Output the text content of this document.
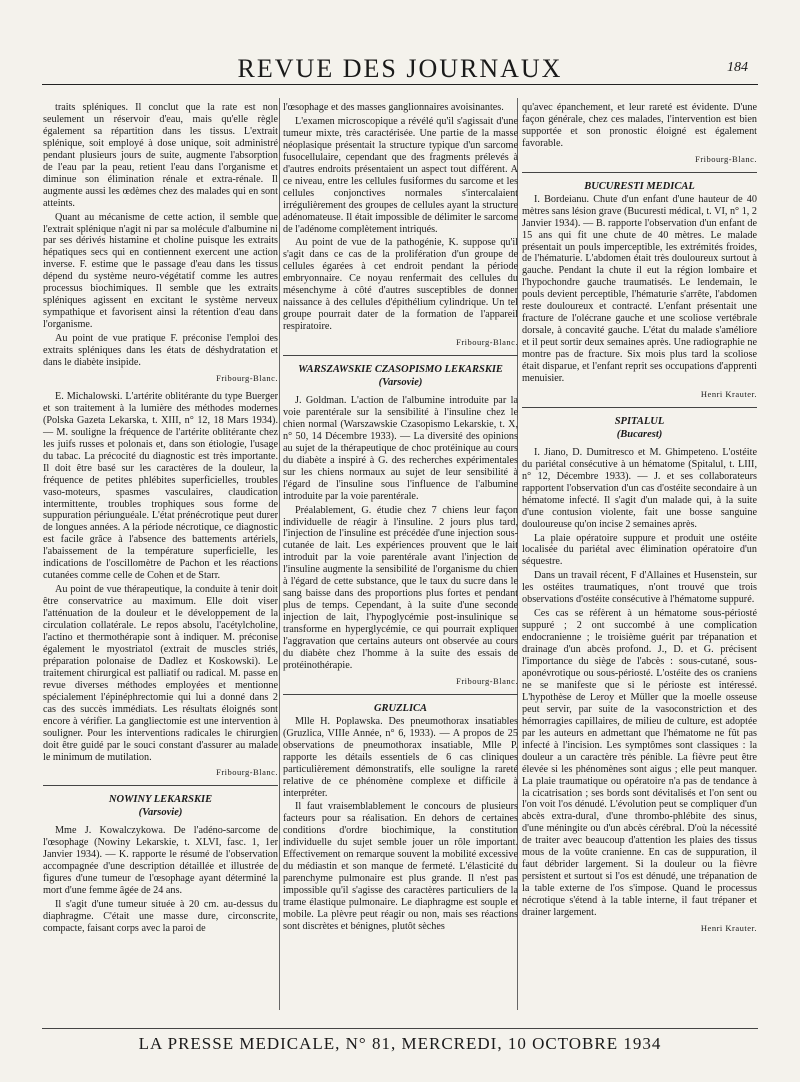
REVUE DES JOURNAUX	184

traits spléniques. Il conclut que la rate est non seulement un réservoir d'eau, mais qu'elle règle également sa répartition dans les tissus. L'extrait splénique, soit employé à dose unique, soit administré pendant plusieurs jours de suite, augmente l'absorption de l'eau par la peau, retient l'eau dans l'organisme et diminue son élimination rénale et extra-rénale. Il augmente aussi les œdèmes chez des malades qui en sont atteints.

Quant au mécanisme de cette action, il semble que l'extrait splénique n'agit ni par sa molécule d'albumine ni par ses dérivés histamine et choline puisque les extraits hépatiques secs qui en contiennent exercent une action inverse. F. estime que le passage d'eau dans les tissus dépend du système neuro-végétatif comme les autres processus biochimiques. Il semble que les extraits spléniques agissent en excitant le système nerveux sympathique et favorisent ainsi la rétention d'eau dans l'organisme.

Au point de vue pratique F. préconise l'emploi des extraits spléniques dans les états de déshydratation et dans le diabète insipide.

Fribourg-Blanc.

E. Michalowski. L'artérite oblitérante du type Buerger et son traitement à la lumière des méthodes modernes (Polska Gazeta Lekarska, t. XIII, n° 12, 18 Mars 1934). — M. souligne la fréquence de l'artérite oblitérante chez les juifs russes et polonais et, dans son étiologie, l'usage du tabac. La précocité du diagnostic est très importante. Il doit être basé sur les caractères de la douleur, la fréquence de petites phlébites superficielles, troubles vaso-moteurs, spasmes vasculaires, claudication intermittente, troubles trophiques sous forme de suppuration périunguéale. L'état prénécrotique peut durer de longues années. A la période nécrotique, ce diagnostic est facile grâce à l'absence des battements artériels, l'abaissement de la température superficielle, les indications de l'oscillomètre de Pachon et les réactions cutanées comme celle de Cohen et de Starr.

Au point de vue thérapeutique, la conduite à tenir doit être conservatrice au maximum. Elle doit viser l'atténuation de la douleur et le développement de la circulation collatérale. Le repos absolu, l'acétylcholine, l'actino et thermothérapie sont à indiquer. M. préconise également le myostriatol (extrait de muscles striés, préparation polonaise de Dadlez et Koskowski). Le traitement chirurgical est palliatif ou radical. M. passe en revue diverses méthodes employées et mentionne spécialement l'épinéphrectomie qui lui a donné dans 2 cas des succès immédiats. Les résultats éloignés sont encore à vérifier. La gangliectomie est une intervention à souligner. Pour les interventions radicales le chirurgien doit être guidé par le souci constant d'assurer au malade le minimum de mutilation.

Fribourg-Blanc.

NOWINY LEKARSKIE

(Varsovie)

Mme J. Kowalczykowa. De l'adéno-sarcome de l'œsophage (Nowiny Lekarskie, t. XLVI, fasc. 1, 1er Janvier 1934). — K. rapporte le résumé de l'observation accompagnée d'une description détaillée et illustrée de figures d'une tumeur de l'œsophage ayant déterminé la mort d'une femme âgée de 24 ans.

Il s'agit d'une tumeur située à 20 cm. au-dessus du diaphragme. C'était une masse dure, circonscrite, compacte, faisant corps avec la paroi de

l'œsophage et des masses ganglionnaires avoisinantes.

L'examen microscopique a révélé qu'il s'agissait d'une tumeur mixte, très caractérisée. Une partie de la masse néoplasique présentait la structure typique d'un sarcome fusocellulaire, cependant que des fragments prélevés à d'autres endroits présentaient un aspect tout différent. A ce niveau, entre les cellules fusiformes du sarcome et les cellules conjonctives normales s'intercalaient irrégulièrement des groupes de cellules ayant la structure adénomateuse. Il était impossible de délimiter le sarcome de l'adénome complètement intriqués.

Au point de vue de la pathogénie, K. suppose qu'il s'agit dans ce cas de la prolifération d'un groupe de cellules égarées à cet endroit pendant la période embryonnaire. Ce noyau renfermait des cellules du mésenchyme à côté d'autres susceptibles de donner naissance à des cellules d'épithélium cylindrique. Un tel groupe pourrait dater de la formation de l'appareil respiratoire.

Fribourg-Blanc.

WARSZAWSKIE CZASOPISMO LEKARSKIE

(Varsovie)

J. Goldman. L'action de l'albumine introduite par la voie parentérale sur la sensibilité à l'insuline chez le chien normal (Warszawskie Czasopismo Lekarskie, t. X, n° 50, 14 Décembre 1933). — La diversité des opinions au sujet de la thérapeutique de choc protéinique au cours du diabète a inspiré à G. des recherches expérimentales sur les chiens normaux au sujet de leur sensibilité à l'égard de l'insuline sous l'influence de l'albumine introduite par la voie parentérale.

Préalablement, G. étudie chez 7 chiens leur façon individuelle de réagir à l'insuline. 2 jours plus tard, l'injection de l'insuline est précédée d'une injection sous-cutanée de lait. Les expériences prouvent que le lait introduit par la voie parentérale avant l'injection de l'insuline augmente la sensibilité de l'organisme du chien à l'égard de cette substance, que le taux du sucre dans le sang baisse dans des proportions plus fortes et pendant plus de temps. Cependant, à la suite d'une seconde injection de lait, l'hypoglycémie post-insulinique se transforme en hyperglycémie, ce qui pourrait expliquer l'aggravation que certains auteurs ont observée au cours du diabète chez l'homme à la suite des essais de protéinothérapie.

Fribourg-Blanc.

GRUZLICA

Mlle H. Poplawska. Des pneumothorax insatiables (Gruzlica, VIIIe Année, n° 6, 1933). — A propos de 25 observations de pneumothorax insatiable, Mlle P. rapporte les détails essentiels de 6 cas cliniques particulièrement démonstratifs, elle souligne la rareté relative de ce phénomène complexe et difficile à interpréter.

Il faut vraisemblablement le concours de plusieurs facteurs pour sa réalisation. En dehors de certaines conditions d'ordre biochimique, la constitution individuelle du sujet semble jouer un rôle important. Effectivement on remarque souvent la mobilité excessive du médiastin et son manque de fermeté. L'élasticité du parenchyme pulmonaire est plus grande. Il n'est pas impossible qu'il s'agisse des caractères particuliers de la trame élastique pulmonaire. Le diaphragme est souple et mobile. La plèvre peut réagir ou non, mais ses réactions sont discrètes et bénignes, plutôt sèches

qu'avec épanchement, et leur rareté est évidente. D'une façon générale, chez ces malades, l'intervention est bien supportée et son pronostic éloigné est également favorable.

Fribourg-Blanc.

BUCURESTI MEDICAL

I. Bordeianu. Chute d'un enfant d'une hauteur de 40 mètres sans lésion grave (Bucuresti médical, t. VI, n° 1, 2 Janvier 1934). — B. rapporte l'observation d'un enfant de 15 ans qui fit une chute de 40 mètres. Le malade présentait un pouls imperceptible, les extrémités froides, de l'hématurie. L'abdomen était très douloureux surtout à gauche. Pendant la chute il eut la région lombaire et l'hypochondre gauche traumatisés. Le lendemain, le pouls devient perceptible, l'hématurie s'arrête, l'abdomen reste douloureux et contracté. L'enfant présentait une fracture de l'olécrane gauche et une scoliose vertébrale dorsale, à concavité gauche. L'état du malade s'améliore et il peut sortir deux semaines après. Une radiographie ne montre pas de fracture. Six mois plus tard la scoliose était disparue, et l'enfant reprit ses occupations d'apprenti menuisier.

Henri Krauter.

SPITALUL

(Bucarest)

I. Jiano, D. Dumitresco et M. Ghimpeteno. L'ostéite du pariétal consécutive à un hématome (Spitalul, t. LIII, n° 12, Décembre 1933). — J. et ses collaborateurs rapportent l'observation d'un cas d'ostéite secondaire à un hématome infecté. Il s'agit d'un malade qui, à la suite d'une contusion violente, fait une bosse sanguine douloureuse qu'on incise 2 semaines après.

La plaie opératoire suppure et produit une ostéite localisée du pariétal avec élimination opératoire d'un séquestre.

Dans un travail récent, F d'Allaines et Husenstein, sur les ostéites traumatiques, n'ont trouvé que trois observations d'ostéite consécutive à l'hématome suppuré.

Ces cas se réfèrent à un hématome sous-périosté suppuré ; 2 ont succombé à une complication endocranienne ; le troisième guérit par trépanation et drainage d'un abcès profond. J., D. et G. précisent l'importance du siège de l'abcès : sous-cutané, sous-aponévrotique ou sous-périosté. L'ostéite des os craniens ne se manifeste que si le périoste est intéressé. L'hypothèse de Leroy et Müller que la moelle osseuse peut servir, par suite de la vasoconstriction et des hémorragies capillaires, de milieu de culture, est adoptée par les auteurs en admettant que l'hématome ne fût pas infecté à l'incision. Les symptômes sont classiques : la douleur a un caractère très pénible. La fièvre peut être élevée si les phénomènes sont aigus ; elle peut manquer. La plaie traumatique ou opératoire n'a pas de tendance à la cicatrisation ; ses bords sont dévitalisés et l'on sent ou l'on voit l'os dénudé. L'évolution peut se compliquer d'un abcès extra-dural, d'une thrombo-phlébite des sinus, d'une méningite ou d'un abcès cérébral. D'où la nécessité de traiter avec beaucoup d'attention les plaies des tissus mous de la voûte cranienne. En cas de suppuration, il faut débrider largement. Si la douleur ou la fièvre persistent et surtout si l'os est dénudé, une trépanation de la table externe de l'os s'impose. Quand le processus nécrotique s'étend à la table interne, il faut trépaner et drainer largement.

Henri Krauter.

LA PRESSE MEDICALE, N° 81, MERCREDI, 10 OCTOBRE 1934
